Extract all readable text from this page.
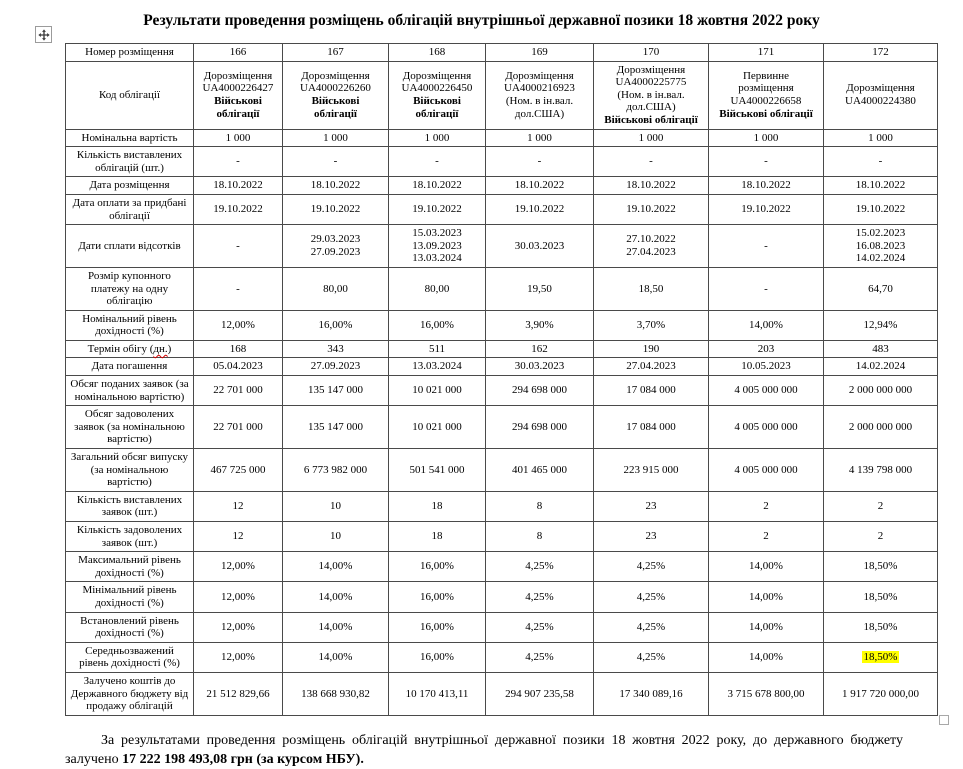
Результати проведення розміщень облігацій внутрішньої державної позики 18 жовтня 2022 року
Номер розміщення	166	167	168	169	170	171	172
Код облігації	Дорозміщення
UA4000226427
Військові
облігації	Дорозміщення
UA4000226260
Військові
облігації	Дорозміщення
UA4000226450
Військові
облігації	Дорозміщення
UA4000216923
(Ном. в ін.вал.
дол.США)	Дорозміщення
UA4000225775
(Ном. в ін.вал.
дол.США)
Військові облігації	Первинне
розміщення
UA4000226658
Військові облігації	Дорозміщення
UA4000224380
Номінальна вартість	1 000	1 000	1 000	1 000	1 000	1 000	1 000
Кількість виставлених облігацій (шт.)	-	-	-	-	-	-	-
Дата розміщення	18.10.2022	18.10.2022	18.10.2022	18.10.2022	18.10.2022	18.10.2022	18.10.2022
Дата оплати за придбані облігації	19.10.2022	19.10.2022	19.10.2022	19.10.2022	19.10.2022	19.10.2022	19.10.2022
Дати сплати відсотків	-	29.03.2023
27.09.2023	15.03.2023
13.09.2023
13.03.2024	30.03.2023	27.10.2022
27.04.2023	-	15.02.2023
16.08.2023
14.02.2024
Розмір купонного платежу на одну облігацію	-	80,00	80,00	19,50	18,50	-	64,70
Номінальний рівень дохідності (%)	12,00%	16,00%	16,00%	3,90%	3,70%	14,00%	12,94%
Термін обігу (дн.)	168	343	511	162	190	203	483
Дата погашення	05.04.2023	27.09.2023	13.03.2024	30.03.2023	27.04.2023	10.05.2023	14.02.2024
Обсяг поданих заявок (за номінальною вартістю)	22 701 000	135 147 000	10 021 000	294 698 000	17 084 000	4 005 000 000	2 000 000 000
Обсяг задоволених заявок (за номінальною вартістю)	22 701 000	135 147 000	10 021 000	294 698 000	17 084 000	4 005 000 000	2 000 000 000
Загальний обсяг випуску (за номінальною вартістю)	467 725 000	6 773 982 000	501 541 000	401 465 000	223 915 000	4 005 000 000	4 139 798 000
Кількість виставлених заявок (шт.)	12	10	18	8	23	2	2
Кількість задоволених заявок (шт.)	12	10	18	8	23	2	2
Максимальний рівень дохідності (%)	12,00%	14,00%	16,00%	4,25%	4,25%	14,00%	18,50%
Мінімальний рівень дохідності (%)	12,00%	14,00%	16,00%	4,25%	4,25%	14,00%	18,50%
Встановлений рівень дохідності (%)	12,00%	14,00%	16,00%	4,25%	4,25%	14,00%	18,50%
Середньозважений рівень дохідності (%)	12,00%	14,00%	16,00%	4,25%	4,25%	14,00%	18,50%
Залучено коштів до Державного бюджету від продажу облігацій	21 512 829,66	138 668 930,82	10 170 413,11	294 907 235,58	17 340 089,16	3 715 678 800,00	1 917 720 000,00

За результатами проведення розміщень облігацій внутрішньої державної позики 18 жовтня 2022 року, до державного бюджету залучено 17 222 198 493,08 грн (за курсом НБУ).
